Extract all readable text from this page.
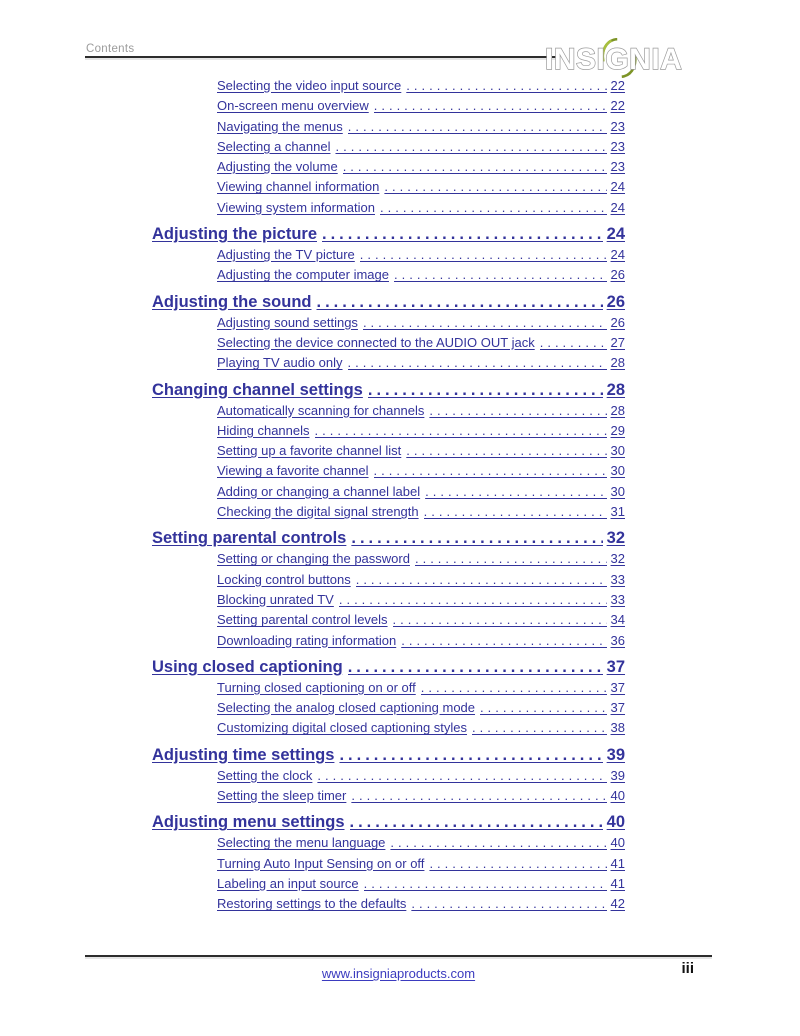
Contents	INSIGNIA
Selecting the video input source .....	22
On-screen menu overview .....	22
Navigating the menus .....	23
Selecting a channel .....	23
Adjusting the volume .....	23
Viewing channel information .....	24
Viewing system information .....	24
Adjusting the picture .....	24
Adjusting the TV picture .....	24
Adjusting the computer image .....	26
Adjusting the sound .....	26
Adjusting sound settings .....	26
Selecting the device connected to the AUDIO OUT jack .....	27
Playing TV audio only .....	28
Changing channel settings .....	28
Automatically scanning for channels .....	28
Hiding channels .....	29
Setting up a favorite channel list .....	30
Viewing a favorite channel .....	30
Adding or changing a channel label .....	30
Checking the digital signal strength .....	31
Setting parental controls .....	32
Setting or changing the password .....	32
Locking control buttons .....	33
Blocking unrated TV .....	33
Setting parental control levels .....	34
Downloading rating information .....	36
Using closed captioning .....	37
Turning closed captioning on or off .....	37
Selecting the analog closed captioning mode .....	37
Customizing digital closed captioning styles .....	38
Adjusting time settings .....	39
Setting the clock .....	39
Setting the sleep timer .....	40
Adjusting menu settings .....	40
Selecting the menu language .....	40
Turning Auto Input Sensing on or off .....	41
Labeling an input source .....	41
Restoring settings to the defaults .....	42
www.insigniaproducts.com	iii
